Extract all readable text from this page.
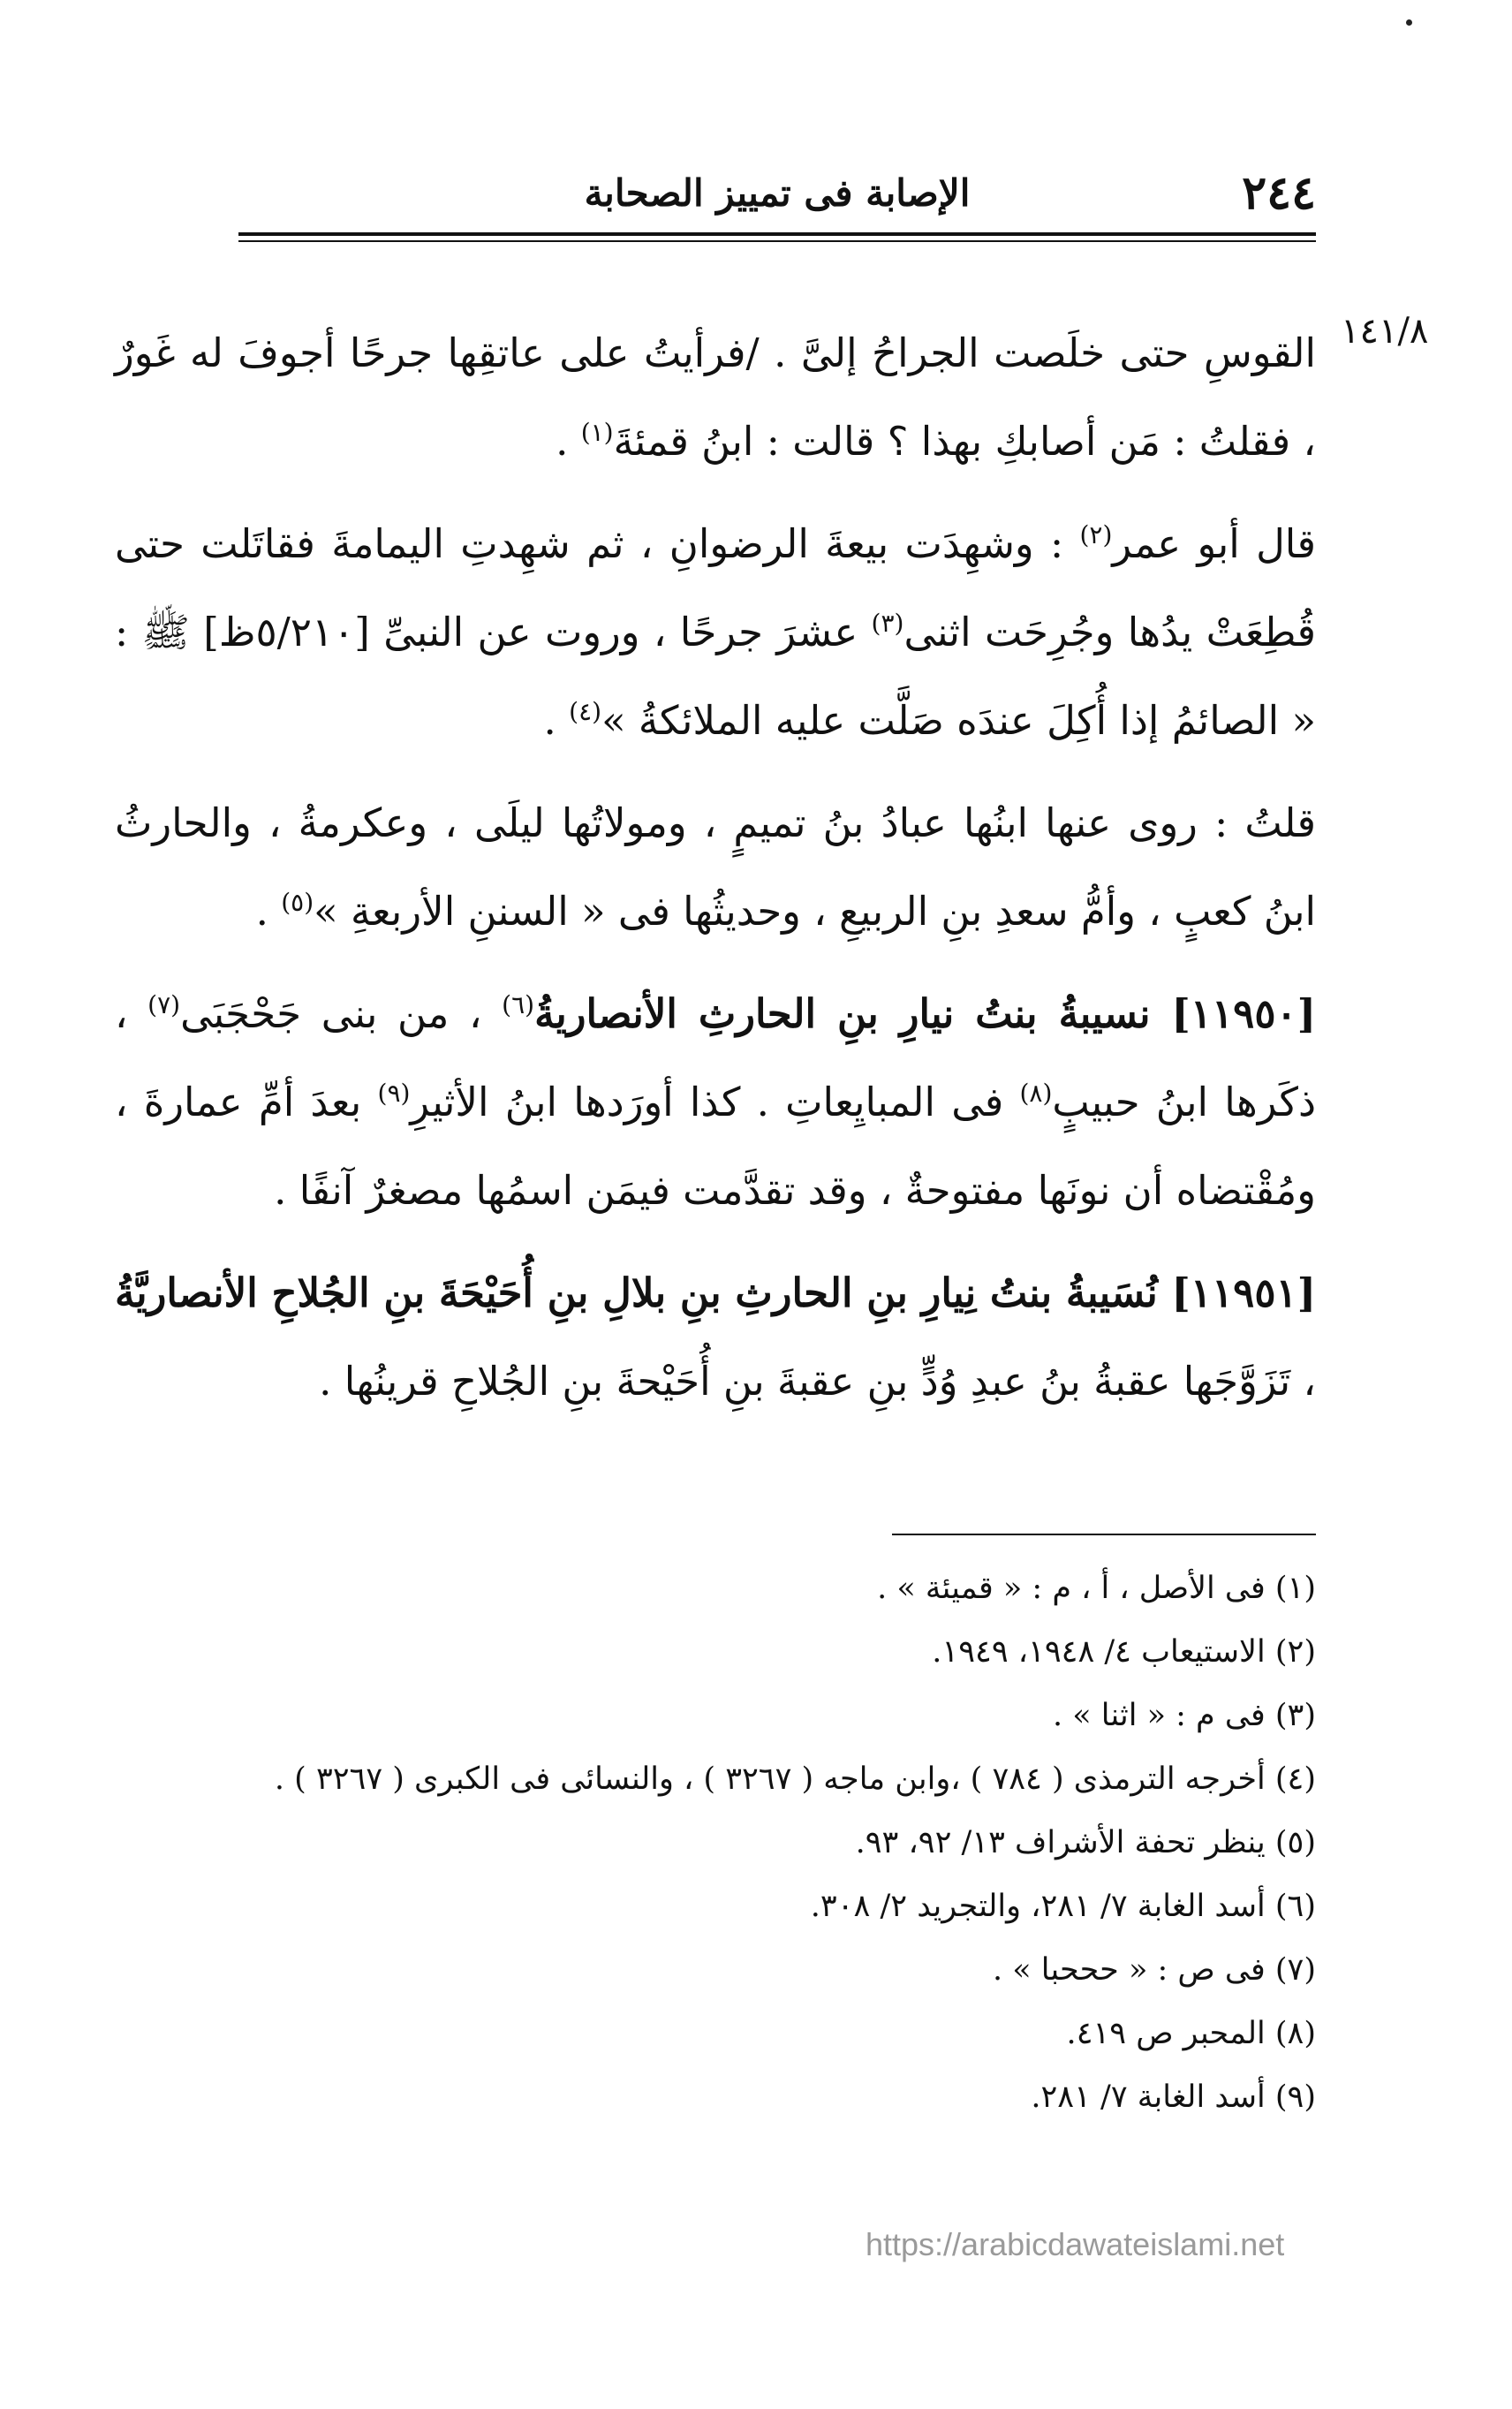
٢٤٤
الإصابة فى تمييز الصحابة
١٤١/٨
القوسِ حتى خلَصت الجراحُ إلىَّ . /فرأيتُ على عاتقِها جرحًا أجوفَ له غَورٌ ، فقلتُ : مَن أصابكِ بهذا ؟ قالت : ابنُ قمئةَ$^{(١)}$ .
قال أبو عمر$^{(٢)}$ : وشهِدَت بيعةَ الرضوانِ ، ثم شهِدتِ اليمامةَ فقاتَلت حتى قُطِعَتْ يدُها وجُرِحَت اثنى$^{(٣)}$ عشرَ جرحًا ، وروت عن النبىِّ [٥/٢١٠ظ] ﷺ : « الصائمُ إذا أُكِلَ عندَه صَلَّت عليه الملائكةُ »$^{(٤)}$ .
قلتُ : روى عنها ابنُها عبادُ بنُ تميمٍ ، ومولاتُها ليلَى ، وعكرمةُ ، والحارثُ ابنُ كعبٍ ، وأمُّ سعدِ بنِ الربيعِ ، وحديثُها فى « السننِ الأربعةِ »$^{(٥)}$ .
[١١٩٥٠] نسيبةُ بنتُ نيارِ بنِ الحارثِ الأنصاريةُ$^{(٦)}$ ، من بنى جَحْجَبَى$^{(٧)}$ ، ذكَرها ابنُ حبيبٍ$^{(٨)}$ فى المبايِعاتِ . كذا أورَدها ابنُ الأثيرِ$^{(٩)}$ بعدَ أمِّ عمارةَ ، ومُقْتضاه أن نونَها مفتوحةٌ ، وقد تقدَّمت فيمَن اسمُها مصغرٌ آنفًا .
[١١٩٥١] نُسَيبةُ بنتُ نِيارِ بنِ الحارثِ بنِ بلالِ بنِ أُحَيْحَةَ بنِ الجُلاحِ الأنصاريَّةُ ، تَزَوَّجَها عقبةُ بنُ عبدِ وُدٍّ بنِ عقبةَ بنِ أُحَيْحةَ بنِ الجُلاحِ قرينُها .

(١) فى الأصل ، أ ، م : « قميئة » .

(٢) الاستيعاب ٤/ ١٩٤٨، ١٩٤٩.

(٣) فى م : « اثنا » .

(٤) أخرجه الترمذى ( ٧٨٤ ) ،وابن ماجه ( ٣٢٦٧ ) ، والنسائى فى الكبرى ( ٣٢٦٧ ) .

(٥) ينظر تحفة الأشراف ١٣/ ٩٢، ٩٣.

(٦) أسد الغابة ٧/ ٢٨١، والتجريد ٢/ ٣٠٨.

(٧) فى ص : « حححبا » .

(٨) المحبر ص ٤١٩.

(٩) أسد الغابة ٧/ ٢٨١.

https://arabicdawateislami.net
